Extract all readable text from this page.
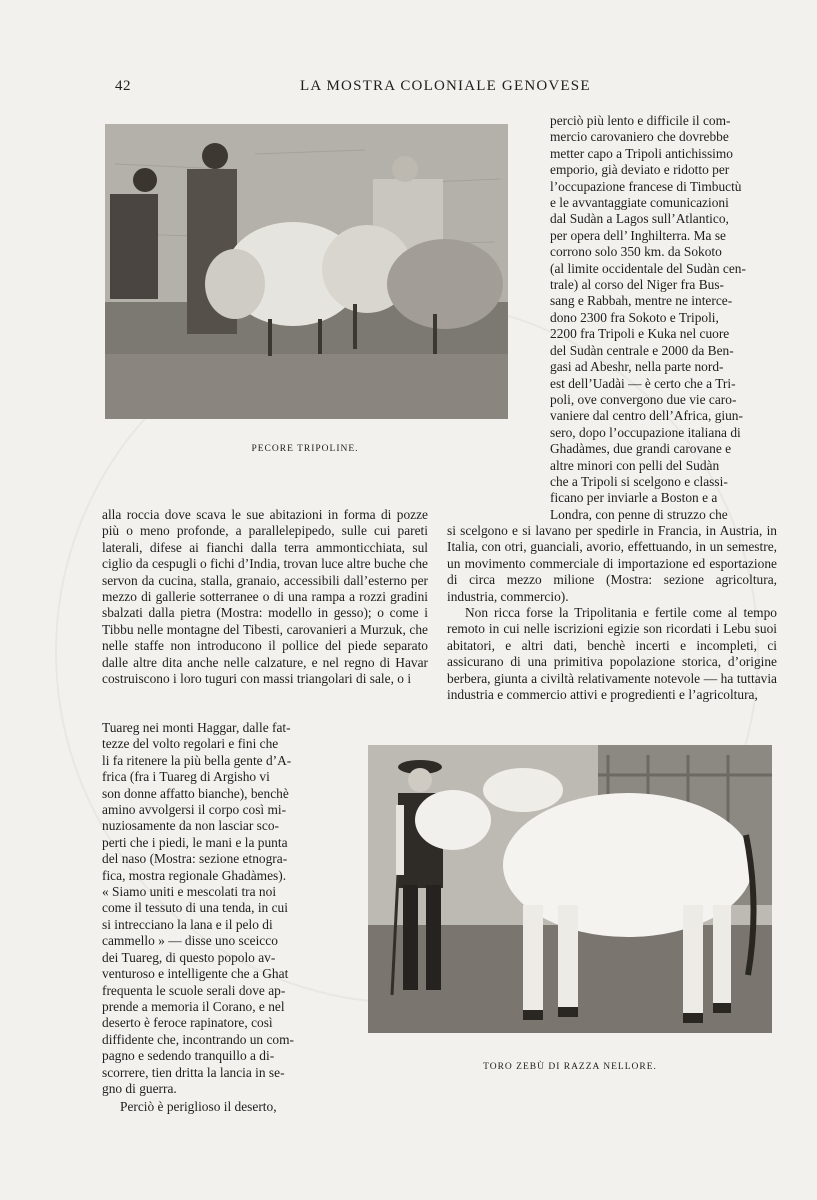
42	LA MOSTRA COLONIALE GENOVESE
PECORE TRIPOLINE.
perciò più lento e difficile il com-
mercio carovaniero che dovrebbe
metter capo a Tripoli antichissimo
emporio, già deviato e ridotto per
l’occupazione francese di Timbuctù
e le avvantaggiate comunicazioni
dal Sudàn a Lagos sull’Atlantico,
per opera dell’ Inghilterra. Ma se
corrono solo 350 km. da Sokoto
(al limite occidentale del Sudàn cen-
trale) al corso del Niger fra Bus-
sang e Rabbah, mentre ne interce-
dono 2300 fra Sokoto e Tripoli,
2200 fra Tripoli e Kuka nel cuore
del Sudàn centrale e 2000 da Ben-
gasi ad Abeshr, nella parte nord-
est dell’Uadài — è certo che a Tri-
poli, ove convergono due vie caro-
vaniere dal centro dell’Africa, giun-
sero, dopo l’occupazione italiana di
Ghadàmes, due grandi carovane e
altre minori con pelli del Sudàn
che a Tripoli si scelgono e classi-
ficano per inviarle a Boston e a
Londra, con penne di struzzo che

si scelgono e si lavano per spedirle in Francia, in Austria, in Italia, con otri, guanciali, avorio, effettuando, in un semestre, un movimento commerciale di importazione ed esportazione di circa mezzo milione (Mostra: sezione agricoltura, industria, commercio).

Non ricca forse la Tripolitania e fertile come al tempo remoto in cui nelle iscrizioni egizie son ricordati i Lebu suoi abitatori, e altri dati, benchè incerti e incompleti, ci assicurano di una primitiva popolazione storica, d’origine berbera, giunta a civiltà relativamente notevole — ha tuttavia industria e commercio attivi e progredienti e l’agricoltura,

alla roccia dove scava le sue abitazioni in forma di pozze più o meno profonde, a parallelepipedo, sulle cui pareti laterali, difese ai fianchi dalla terra ammonticchiata, sul ciglio da cespugli o fichi d’India, trovan luce altre buche che servon da cucina, stalla, granaio, accessibili dall’esterno per mezzo di gallerie sotterranee o di una rampa a rozzi gradini sbalzati dalla pietra (Mostra: modello in gesso); o come i Tibbu nelle montagne del Tibesti, carovanieri a Murzuk, che nelle staffe non introducono il pollice del piede separato dalle altre dita anche nelle calzature, e nel regno di Havar costruiscono i loro tuguri con massi triangolari di sale, o i

Tuareg nei monti Haggar, dalle fat-
tezze del volto regolari e fini che
li fa ritenere la più bella gente d’A-
frica (fra i Tuareg di Argisho vi
son donne affatto bianche), benchè
amino avvolgersi il corpo così mi-
nuziosamente da non lasciar sco-
perti che i piedi, le mani e la punta
del naso (Mostra: sezione etnogra-
fica, mostra regionale Ghadàmes).
« Siamo uniti e mescolati tra noi
come il tessuto di una tenda, in cui
si intrecciano la lana e il pelo di
cammello » — disse uno sceicco
dei Tuareg, di questo popolo av-
venturoso e intelligente che a Ghat
frequenta le scuole serali dove ap-
prende a memoria il Corano, e nel
deserto è feroce rapinatore, così
diffidente che, incontrando un com-
pagno e sedendo tranquillo a di-
scorrere, tien dritta la lancia in se-
gno di guerra.
Perciò è periglioso il deserto,
TORO ZEBÙ DI RAZZA NELLORE.
